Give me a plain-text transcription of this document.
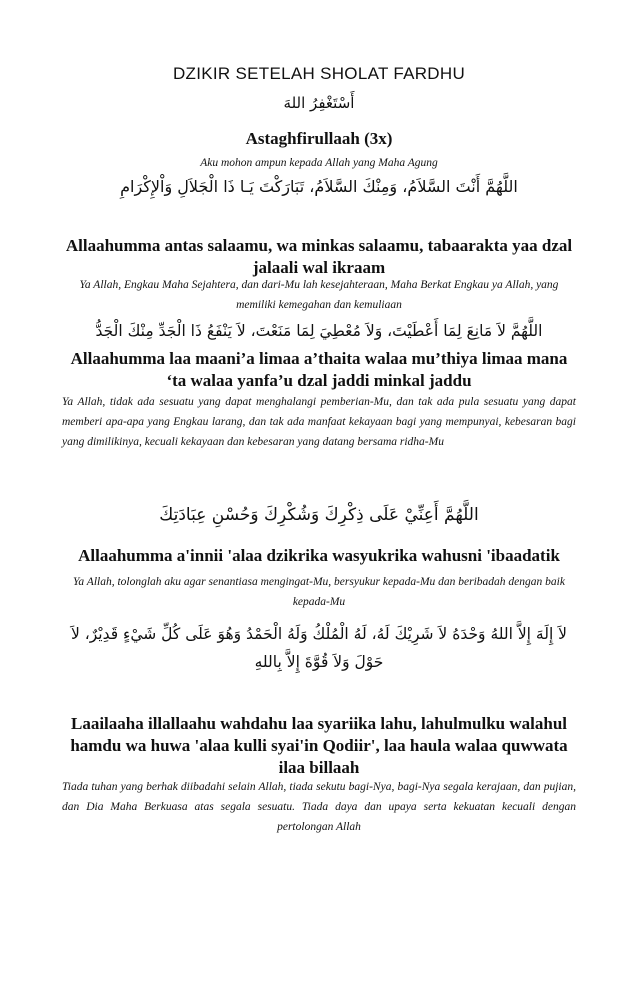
DZIKIR SETELAH SHOLAT FARDHU
أَسْتَغْفِرُ اللهَ
Astaghfirullaah (3x)
Aku mohon ampun kepada Allah yang Maha Agung
اللَّهُمَّ أَنْتَ السَّلاَمُ، وَمِنْكَ السَّلاَمُ، تَبَارَكْتَ يَـا ذَا الْجَلاَلِ وَاْلإِكْرَامِ
Allaahumma antas salaamu, wa minkas salaamu, tabaarakta yaa dzal jalaali wal ikraam
Ya Allah, Engkau Maha Sejahtera, dan dari-Mu lah kesejahteraan, Maha Berkat Engkau ya Allah, yang memiliki kemegahan dan kemuliaan
اللَّهُمَّ لاَ مَانِعَ لِمَا أَعْطَيْتَ، وَلاَ مُعْطِيَ لِمَا مَنَعْتَ، لاَ يَنْفَعُ ذَا الْجَدِّ مِنْكَ الْجَدُّ
Allaahumma laa maani’a limaa a’thaita walaa mu’thiya limaa mana ‘ta walaa yanfa’u dzal jaddi minkal jaddu
Ya Allah, tidak ada sesuatu yang dapat menghalangi pemberian-Mu, dan tak ada pula sesuatu yang dapat memberi apa-apa yang Engkau larang, dan tak ada manfaat kekayaan bagi yang mempunyai, kebesaran bagi yang dimilikinya, kecuali kekayaan dan kebesaran yang datang bersama ridha-Mu
اللَّهُمَّ أَعِنِّيْ عَلَى ذِكْرِكَ وَشُكْرِكَ وَحُسْنِ عِبَادَتِكَ
Allaahumma a'innii 'alaa dzikrika wasyukrika wahusni 'ibaadatik
Ya Allah, tolonglah aku agar senantiasa mengingat-Mu, bersyukur kepada-Mu dan beribadah dengan baik kepada-Mu
لاَ إِلَهَ إِلاَّ اللهُ وَحْدَهُ لاَ شَرِيْكَ لَهُ، لَهُ الْمُلْكُ وَلَهُ الْحَمْدُ وَهُوَ عَلَى كُلِّ شَيْءٍ قَدِيْرٌ، لاَ
حَوْلَ وَلاَ قُوَّةَ إِلاَّ بِاللهِ
Laailaaha illallaahu wahdahu laa syariika lahu, lahulmulku walahul hamdu wa huwa 'alaa kulli syai'in Qodiir', laa haula walaa quwwata ilaa billaah
Tiada tuhan yang berhak diibadahi selain Allah, tiada sekutu bagi-Nya, bagi-Nya segala kerajaan, dan pujian, dan Dia Maha Berkuasa atas segala sesuatu. Tiada daya dan upaya serta kekuatan kecuali dengan pertolongan Allah
